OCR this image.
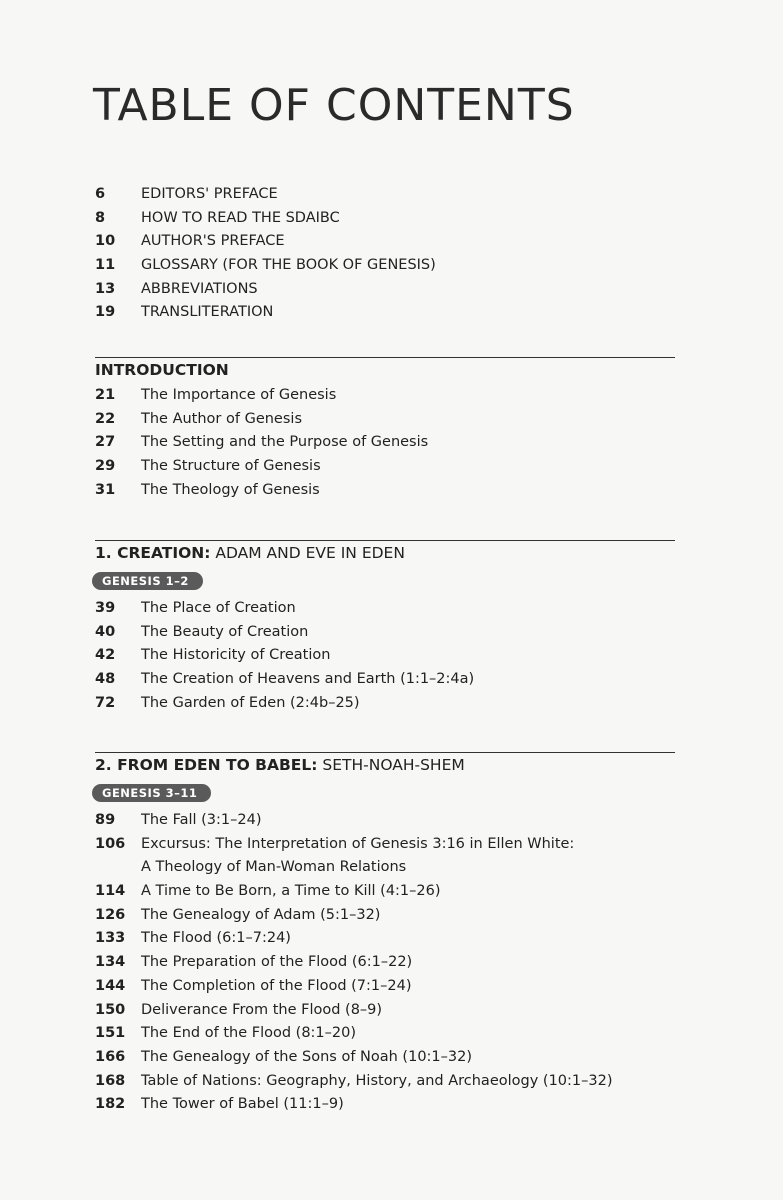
TABLE OF CONTENTS
6	EDITORS' PREFACE
8	HOW TO READ THE SDAIBC
10	AUTHOR'S PREFACE
11	GLOSSARY (FOR THE BOOK OF GENESIS)
13	ABBREVIATIONS
19	TRANSLITERATION
INTRODUCTION
21	The Importance of Genesis
22	The Author of Genesis
27	The Setting and the Purpose of Genesis
29	The Structure of Genesis
31	The Theology of Genesis
1. CREATION: ADAM AND EVE IN EDEN
GENESIS 1–2
39	The Place of Creation
40	The Beauty of Creation
42	The Historicity of Creation
48	The Creation of Heavens and Earth (1:1–2:4a)
72	The Garden of Eden (2:4b–25)
2. FROM EDEN TO BABEL: SETH-NOAH-SHEM
GENESIS 3–11
89	The Fall (3:1–24)
106	Excursus: The Interpretation of Genesis 3:16 in Ellen White:
A Theology of Man-Woman Relations
114	A Time to Be Born, a Time to Kill (4:1–26)
126	The Genealogy of Adam (5:1–32)
133	The Flood (6:1–7:24)
134	The Preparation of the Flood (6:1–22)
144	The Completion of the Flood (7:1–24)
150	Deliverance From the Flood (8–9)
151	The End of the Flood (8:1–20)
166	The Genealogy of the Sons of Noah (10:1–32)
168	Table of Nations: Geography, History, and Archaeology (10:1–32)
182	The Tower of Babel (11:1–9)
